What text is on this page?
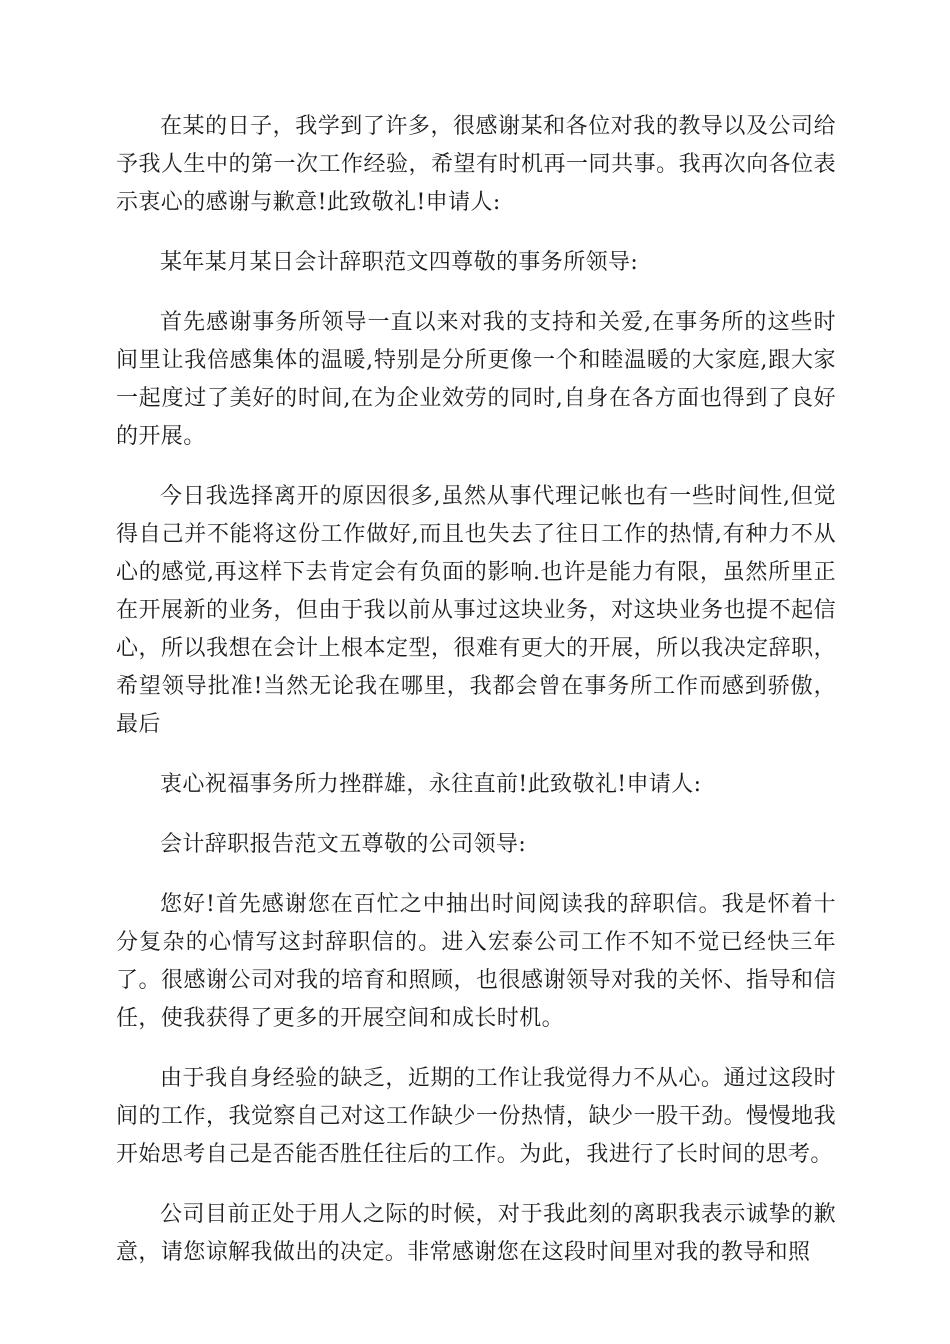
在某的日子，我学到了许多，很感谢某和各位对我的教导以及公司给予我人生中的第一次工作经验，希望有时机再一同共事。我再次向各位表示衷心的感谢与歉意!此致敬礼!申请人:

某年某月某日会计辞职范文四尊敬的事务所领导:

首先感谢事务所领导一直以来对我的支持和关爱,在事务所的这些时间里让我倍感集体的温暖,特别是分所更像一个和睦温暖的大家庭,跟大家一起度过了美好的时间,在为企业效劳的同时,自身在各方面也得到了良好的开展。

今日我选择离开的原因很多,虽然从事代理记帐也有一些时间性,但觉得自己并不能将这份工作做好,而且也失去了往日工作的热情,有种力不从心的感觉,再这样下去肯定会有负面的影响.也许是能力有限，虽然所里正在开展新的业务，但由于我以前从事过这块业务，对这块业务也提不起信心，所以我想在会计上根本定型，很难有更大的开展，所以我决定辞职，希望领导批准!当然无论我在哪里，我都会曾在事务所工作而感到骄傲，最后

衷心祝福事务所力挫群雄，永往直前!此致敬礼!申请人:

会计辞职报告范文五尊敬的公司领导:

您好!首先感谢您在百忙之中抽出时间阅读我的辞职信。我是怀着十分复杂的心情写这封辞职信的。进入宏泰公司工作不知不觉已经快三年了。很感谢公司对我的培育和照顾，也很感谢领导对我的关怀、指导和信任，使我获得了更多的开展空间和成长时机。

由于我自身经验的缺乏，近期的工作让我觉得力不从心。通过这段时间的工作，我觉察自己对这工作缺少一份热情，缺少一股干劲。慢慢地我开始思考自己是否能否胜任往后的工作。为此，我进行了长时间的思考。

公司目前正处于用人之际的时候，对于我此刻的离职我表示诚挚的歉意，请您谅解我做出的决定。非常感谢您在这段时间里对我的教导和照
